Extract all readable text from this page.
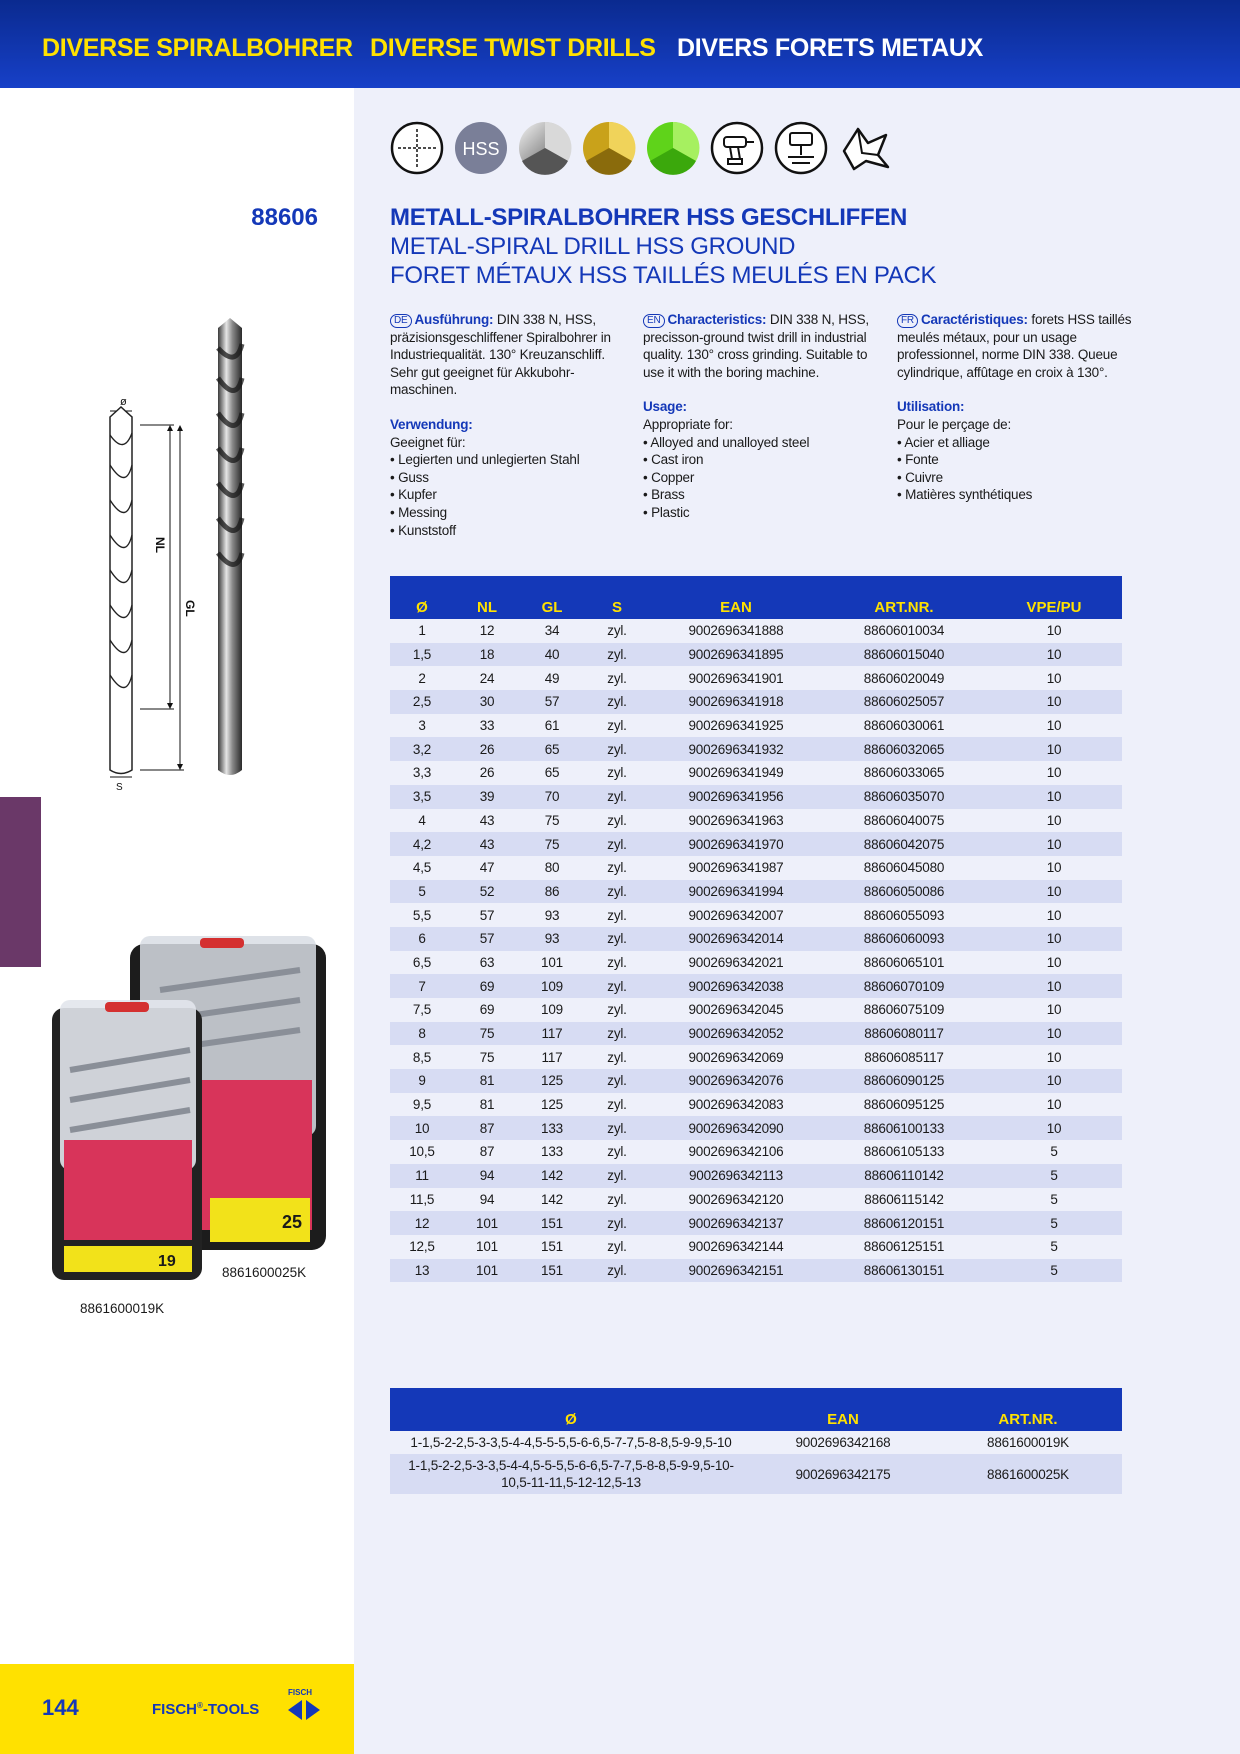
DIVERSE SPIRALBOHRER DIVERSE TWIST DRILLS DIVERS FORETS METAUX
HSS
88606	METALL-SPIRALBOHRER HSS GESCHLIFFEN
METAL-SPIRAL DRILL HSS GROUND
FORET MÉTAUX HSS TAILLÉS MEULÉS EN PACK
DE Ausführung: DIN 338 N, HSS, präzisionsgeschliffener Spiralbohrer in Industriequalität. 130° Kreuzanschliff. Sehr gut geeignet für Akkubohr-maschinen.
Verwendung:
Geeignet für:
• Legierten und unlegierten Stahl
• Guss
• Kupfer
• Messing
• Kunststoff
EN Characteristics: DIN 338 N, HSS, precisson-ground twist drill in industrial quality. 130° cross grinding. Suitable to use it with the boring machine.
Usage:
Appropriate for:
• Alloyed and unalloyed steel
• Cast iron
• Copper
• Brass
• Plastic
FR Caractéristiques: forets HSS taillés meulés métaux, pour un usage professionnel, norme DIN 338. Queue cylindrique, affûtage en croix à 130°.
Utilisation:
Pour le perçage de:
• Acier et alliage
• Fonte
• Cuivre
• Matières synthétiques
ø
NL
GL
S
Ø	NL	GL	S	EAN	ART.NR.	VPE/PU
1	12	34	zyl.	9002696341888	88606010034	10
1,5	18	40	zyl.	9002696341895	88606015040	10
2	24	49	zyl.	9002696341901	88606020049	10
2,5	30	57	zyl.	9002696341918	88606025057	10
3	33	61	zyl.	9002696341925	88606030061	10
3,2	26	65	zyl.	9002696341932	88606032065	10
3,3	26	65	zyl.	9002696341949	88606033065	10
3,5	39	70	zyl.	9002696341956	88606035070	10
4	43	75	zyl.	9002696341963	88606040075	10
4,2	43	75	zyl.	9002696341970	88606042075	10
4,5	47	80	zyl.	9002696341987	88606045080	10
5	52	86	zyl.	9002696341994	88606050086	10
5,5	57	93	zyl.	9002696342007	88606055093	10
6	57	93	zyl.	9002696342014	88606060093	10
6,5	63	101	zyl.	9002696342021	88606065101	10
7	69	109	zyl.	9002696342038	88606070109	10
7,5	69	109	zyl.	9002696342045	88606075109	10
8	75	117	zyl.	9002696342052	88606080117	10
8,5	75	117	zyl.	9002696342069	88606085117	10
9	81	125	zyl.	9002696342076	88606090125	10
9,5	81	125	zyl.	9002696342083	88606095125	10
10	87	133	zyl.	9002696342090	88606100133	10
10,5	87	133	zyl.	9002696342106	88606105133	5
11	94	142	zyl.	9002696342113	88606110142	5
11,5	94	142	zyl.	9002696342120	88606115142	5
12	101	151	zyl.	9002696342137	88606120151	5
12,5	101	151	zyl.	9002696342144	88606125151	5
13	101	151	zyl.	9002696342151	88606130151	5
Ø	EAN	ART.NR.
1-1,5-2-2,5-3-3,5-4-4,5-5-5,5-6-6,5-7-7,5-8-8,5-9-9,5-10	9002696342168	8861600019K
1-1,5-2-2,5-3-3,5-4-4,5-5-5,5-6-6,5-7-7,5-8-8,5-9-9,5-10-10,5-11-11,5-12-12,5-13	9002696342175	8861600025K
25
19
8861600025K
8861600019K
144	FISCH®-TOOLS
FISCH
